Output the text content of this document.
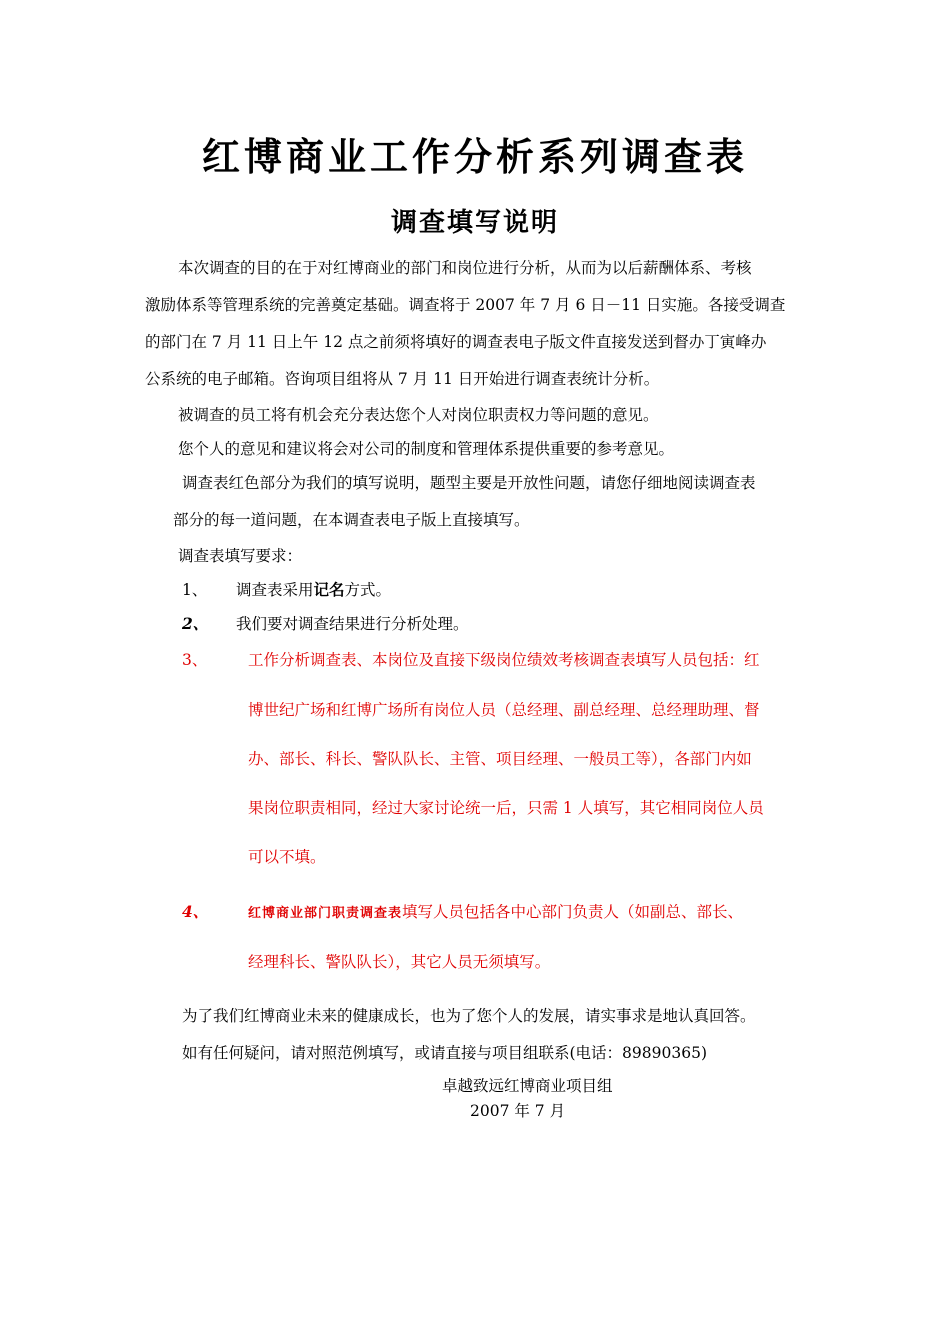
红博商业工作分析系列调查表
调查填写说明

本次调查的目的在于对红博商业的部门和岗位进行分析，从而为以后薪酬体系、考核

激励体系等管理系统的完善奠定基础。调查将于 2007 年 7 月 6 日－11 日实施。各接受调查

的部门在 7 月 11 日上午 12 点之前须将填好的调查表电子版文件直接发送到督办丁寅峰办

公系统的电子邮箱。咨询项目组将从 7 月 11 日开始进行调查表统计分析。

被调查的员工将有机会充分表达您个人对岗位职责权力等问题的意见。

您个人的意见和建议将会对公司的制度和管理体系提供重要的参考意见。

调查表红色部分为我们的填写说明，题型主要是开放性问题，请您仔细地阅读调查表

部分的每一道问题，在本调查表电子版上直接填写。

调查表填写要求：

1、 调查表采用记名方式。

2、 我们要对调查结果进行分析处理。

3、	工作分析调查表、本岗位及直接下级岗位绩效考核调查表填写人员包括：红

博世纪广场和红博广场所有岗位人员（总经理、副总经理、总经理助理、督

办、部长、科长、警队队长、主管、项目经理、一般员工等），各部门内如

果岗位职责相同，经过大家讨论统一后，只需 1 人填写，其它相同岗位人员

可以不填。

4、	红博商业部门职责调查表填写人员包括各中心部门负责人（如副总、部长、

经理科长、警队队长），其它人员无须填写。

为了我们红博商业未来的健康成长，也为了您个人的发展，请实事求是地认真回答。

如有任何疑问，请对照范例填写，或请直接与项目组联系(电话：89890365)

卓越致远红博商业项目组

2007 年 7 月
